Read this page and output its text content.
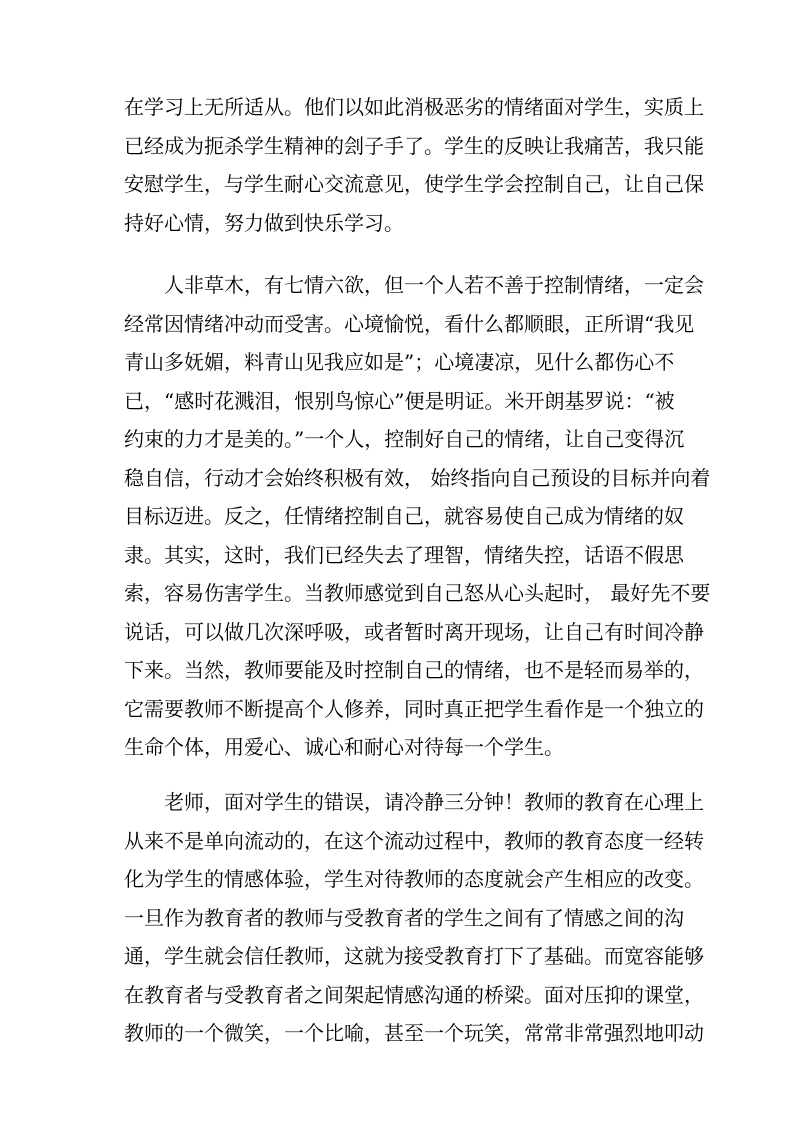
在学习上无所适从。他们以如此消极恶劣的情绪面对学生，实质上
已经成为扼杀学生精神的刽子手了。学生的反映让我痛苦，我只能
安慰学生，与学生耐心交流意见，使学生学会控制自己，让自己保
持好心情，努力做到快乐学习。

人非草木，有七情六欲，但一个人若不善于控制情绪，一定会
经常因情绪冲动而受害。心境愉悦，看什么都顺眼，正所谓“我见
青山多妩媚，料青山见我应如是”；心境凄凉，见什么都伤心不
已，“感时花溅泪，恨别鸟惊心”便是明证。米开朗基罗说：“被
约束的力才是美的。”一个人，控制好自己的情绪，让自己变得沉
稳自信，行动才会始终积极有效， 始终指向自己预设的目标并向着
目标迈进。反之，任情绪控制自己，就容易使自己成为情绪的奴
隶。其实，这时，我们已经失去了理智，情绪失控，话语不假思
索，容易伤害学生。当教师感觉到自己怒从心头起时， 最好先不要
说话，可以做几次深呼吸，或者暂时离开现场，让自己有时间冷静
下来。当然，教师要能及时控制自己的情绪，也不是轻而易举的，
它需要教师不断提高个人修养，同时真正把学生看作是一个独立的
生命个体，用爱心、诚心和耐心对待每一个学生。

老师，面对学生的错误，请冷静三分钟！教师的教育在心理上
从来不是单向流动的，在这个流动过程中，教师的教育态度一经转
化为学生的情感体验，学生对待教师的态度就会产生相应的改变。
一旦作为教育者的教师与受教育者的学生之间有了情感之间的沟
通，学生就会信任教师，这就为接受教育打下了基础。而宽容能够
在教育者与受教育者之间架起情感沟通的桥梁。面对压抑的课堂，
教师的一个微笑，一个比喻，甚至一个玩笑，常常非常强烈地叩动
